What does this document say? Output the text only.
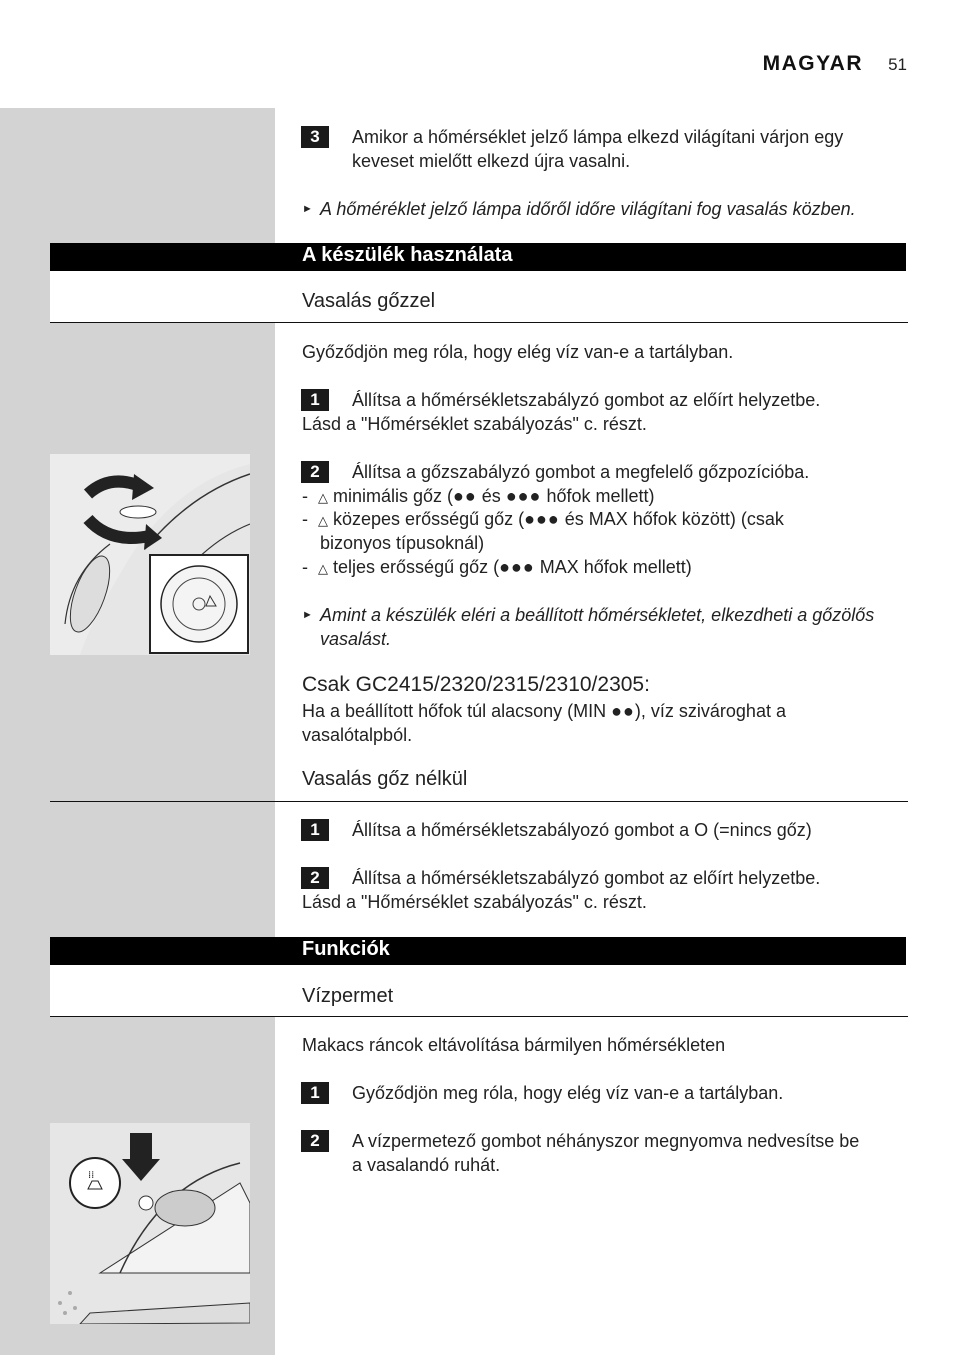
MAGYAR 51
3	Amikor a hőmérséklet jelző lámpa elkezd világítani várjon egy
keveset mielőtt elkezd újra vasalni.
► A hőméréklet jelző lámpa időről időre világítani fog vasalás közben.
A készülék használata
Vasalás gőzzel
Győződjön meg róla, hogy elég víz van-e a tartályban.
1	Állítsa a hőmérsékletszabályzó gombot az előírt helyzetbe.
Lásd a "Hőmérséklet szabályozás" c. részt.
2	Állítsa a gőzszabályzó gombot a megfelelő gőzpozícióba.
-  △ minimális gőz (●● és ●●● hőfok mellett)
-  △ közepes erősségű gőz (●●● és MAX hőfok között) (csak
bizonyos típusoknál)
-  △ teljes erősségű gőz (●●● MAX hőfok mellett)
► Amint a készülék eléri a beállított hőmérsékletet, elkezdheti a gőzölős
vasalást.
Csak GC2415/2320/2315/2310/2305:
Ha a beállított hőfok túl alacsony (MIN ●●), víz szivároghat a
vasalótalpból.
Vasalás gőz nélkül
1	Állítsa a hőmérsékletszabályozó gombot a O (=nincs gőz)
2	Állítsa a hőmérsékletszabályzó gombot az előírt helyzetbe.
Lásd a "Hőmérséklet szabályozás" c. részt.
Funkciók
Vízpermet
Makacs ráncok eltávolítása bármilyen hőmérsékleten
1	Győződjön meg róla, hogy elég víz van-e a tartályban.
2	A vízpermetező gombot néhányszor megnyomva nedvesítse be
a vasalandó ruhát.
⁞⁞
